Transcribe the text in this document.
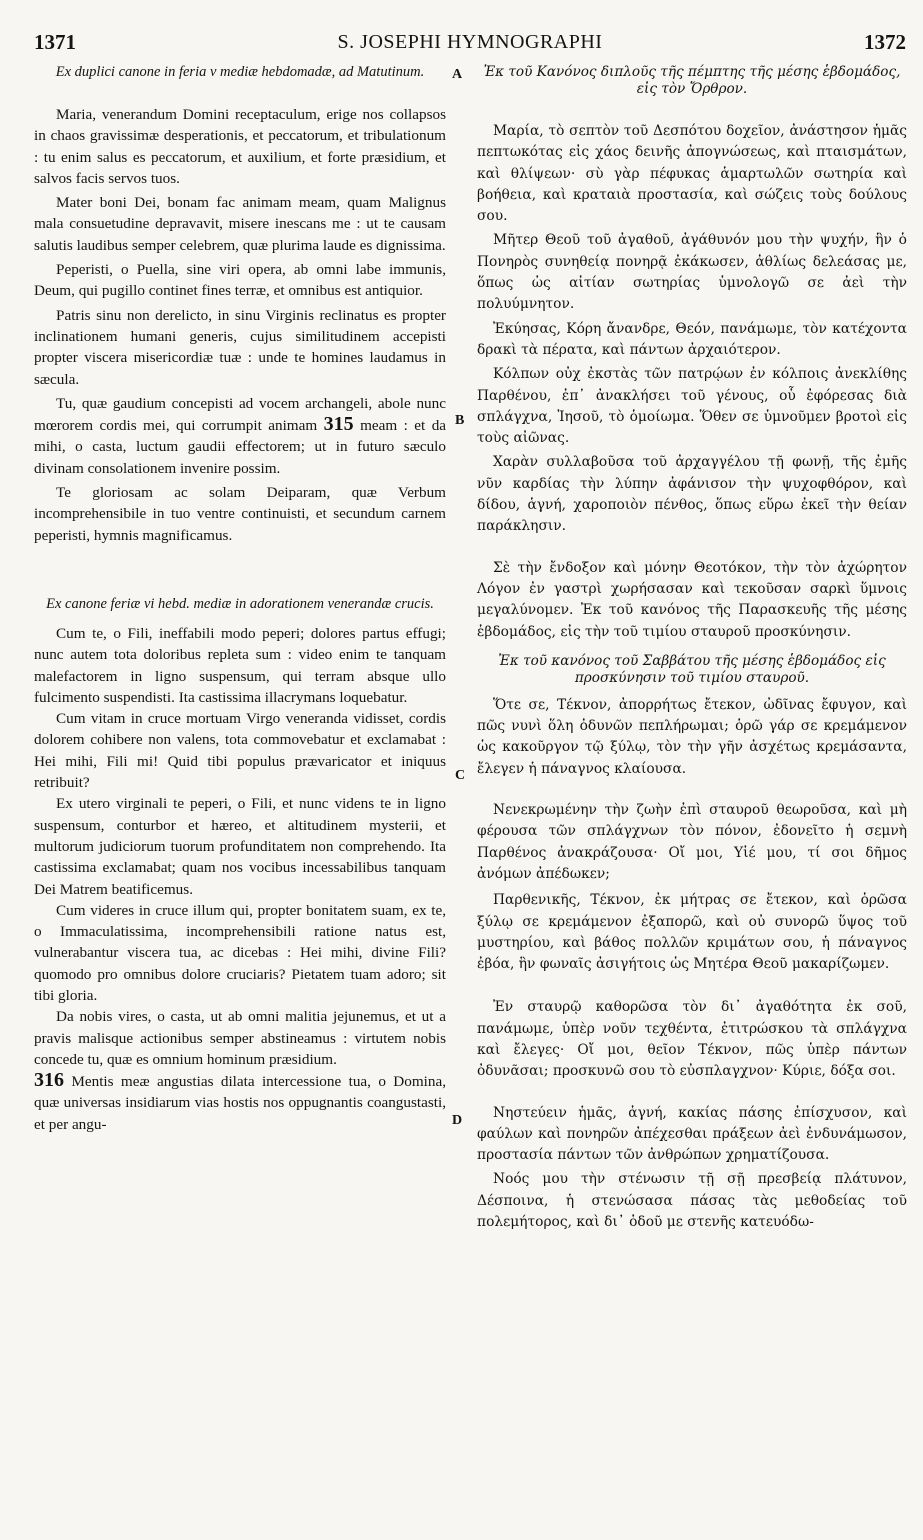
1371	S. JOSEPHI HYMNOGRAPHI	1372

Ex duplici canone in feria v mediæ hebdomadæ, ad Matutinum.

Maria, venerandum Domini receptaculum, erige nos collapsos in chaos gravissimæ desperationis, et peccatorum, et tribulationum : tu enim salus es peccatorum, et auxilium, et forte præsidium, et salvos facis servos tuos.

Mater boni Dei, bonam fac animam meam, quam Malignus mala consuetudine depravavit, misere inescans me : ut te causam salutis laudibus semper celebrem, quæ plurima laude es dignissima.

Peperisti, o Puella, sine viri opera, ab omni labe immunis, Deum, qui pugillo continet fines terræ, et omnibus est antiquior.

Patris sinu non derelicto, in sinu Virginis reclinatus es propter inclinationem humani generis, cujus similitudinem accepisti propter viscera misericordiæ tuæ : unde te homines laudamus in sæcula.

Tu, quæ gaudium concepisti ad vocem archangeli, abole nunc mœrorem cordis mei, qui corrumpit animam 315 meam : et da mihi, o casta, luctum gaudii effectorem; ut in futuro sæculo divinam consolationem invenire possim.

Te gloriosam ac solam Deiparam, quæ Verbum incomprehensibile in tuo ventre continuisti, et secundum carnem peperisti, hymnis magnificamus.

Ex canone feriæ vi hebd. mediæ in adorationem venerandæ crucis.

Cum te, o Fili, ineffabili modo peperi; dolores partus effugi; nunc autem tota doloribus repleta sum : video enim te tanquam malefactorem in ligno suspensum, qui terram absque ullo fulcimento suspendisti. Ita castissima illacrymans loquebatur.

Cum vitam in cruce mortuam Virgo veneranda vidisset, cordis dolorem cohibere non valens, tota commovebatur et exclamabat : Hei mihi, Fili mi! Quid tibi populus prævaricator et iniquus retribuit?

Ex utero virginali te peperi, o Fili, et nunc videns te in ligno suspensum, conturbor et hæreo, et altitudinem mysterii, et multorum judiciorum tuorum profunditatem non comprehendo. Ita castissima exclamabat; quam nos vocibus incessabilibus tanquam Dei Matrem beatificemus.

Cum videres in cruce illum qui, propter bonitatem suam, ex te, o Immaculatissima, incomprehensibili ratione natus est, vulnerabantur viscera tua, ac dicebas : Hei mihi, divine Fili? quomodo pro omnibus dolore cruciaris? Pietatem tuam adoro; sit tibi gloria.

Da nobis vires, o casta, ut ab omni malitia jejunemus, et ut a pravis malisque actionibus semper abstineamus : virtutem nobis concede tu, quæ es omnium hominum præsidium.

316 Mentis meæ angustias dilata intercessione tua, o Domina, quæ universas insidiarum vias hostis nos oppugnantis coangustasti, et per angu-

A
B
C
D

Ἐκ τοῦ Κανόνος διπλοῦς τῆς πέμπτης τῆς μέσης ἑβδομάδος, εἰς τὸν Ὄρθρον.

Μαρία, τὸ σεπτὸν τοῦ Δεσπότου δοχεῖον, ἀνάστησον ἡμᾶς πεπτωκότας εἰς χάος δεινῆς ἀπογνώσεως, καὶ πταισμάτων, καὶ θλίψεων· σὺ γὰρ πέφυκας ἁμαρτωλῶν σωτηρία καὶ βοήθεια, καὶ κραταιὰ προστασία, καὶ σώζεις τοὺς δούλους σου.

Μῆτερ Θεοῦ τοῦ ἀγαθοῦ, ἀγάθυνόν μου τὴν ψυχήν, ἣν ὁ Πονηρὸς συνηθείᾳ πονηρᾷ ἐκάκωσεν, ἀθλίως δελεάσας με, ὅπως ὡς αἰτίαν σωτηρίας ὑμνολογῶ σε ἀεὶ τὴν πολυύμνητον.

Ἐκύησας, Κόρη ἄνανδρε, Θεόν, πανάμωμε, τὸν κατέχοντα δρακὶ τὰ πέρατα, καὶ πάντων ἀρχαιότερον.

Κόλπων οὐχ ἐκστὰς τῶν πατρῴων ἐν κόλποις ἀνεκλίθης Παρθένου, ἐπ᾽ ἀνακλήσει τοῦ γένους, οὗ ἐφόρεσας διὰ σπλάγχνα, Ἰησοῦ, τὸ ὁμοίωμα. Ὅθεν σε ὑμνοῦμεν βροτοὶ εἰς τοὺς αἰῶνας.

Χαρὰν συλλαβοῦσα τοῦ ἀρχαγγέλου τῇ φωνῇ, τῆς ἐμῆς νῦν καρδίας τὴν λύπην ἀφάνισον τὴν ψυχοφθόρον, καὶ δίδου, ἁγνή, χαροποιὸν πένθος, ὅπως εὕρω ἐκεῖ τὴν θείαν παράκλησιν.

Σὲ τὴν ἔνδοξον καὶ μόνην Θεοτόκον, τὴν τὸν ἀχώρητον Λόγον ἐν γαστρὶ χωρήσασαν καὶ τεκοῦσαν σαρκὶ ὕμνοις μεγαλύνομεν. Ἐκ τοῦ κανόνος τῆς Παρασκευῆς τῆς μέσης ἑβδομάδος, εἰς τὴν τοῦ τιμίου σταυροῦ προσκύνησιν.

Ἐκ τοῦ κανόνος τοῦ Σαββάτου τῆς μέσης ἑβδομάδος εἰς προσκύνησιν τοῦ τιμίου σταυροῦ.

Ὅτε σε, Τέκνον, ἀπορρήτως ἔτεκον, ὠδῖνας ἔφυγον, καὶ πῶς νυνὶ ὅλη ὀδυνῶν πεπλήρωμαι; ὁρῶ γάρ σε κρεμάμενον ὡς κακοῦργον τῷ ξύλῳ, τὸν τὴν γῆν ἀσχέτως κρεμάσαντα, ἔλεγεν ἡ πάναγνος κλαίουσα.

Νενεκρωμένην τὴν ζωὴν ἐπὶ σταυροῦ θεωροῦσα, καὶ μὴ φέρουσα τῶν σπλάγχνων τὸν πόνον, ἐδονεῖτο ἡ σεμνὴ Παρθένος ἀνακράζουσα· Οἴ μοι, Υἱέ μου, τί σοι δῆμος ἀνόμων ἀπέδωκεν;

Παρθενικῆς, Τέκνον, ἐκ μήτρας σε ἔτεκον, καὶ ὁρῶσα ξύλῳ σε κρεμάμενον ἐξαπορῶ, καὶ οὐ συνορῶ ὕψος τοῦ μυστηρίου, καὶ βάθος πολλῶν κριμάτων σου, ἡ πάναγνος ἐβόα, ἣν φωναῖς ἀσιγήτοις ὡς Μητέρα Θεοῦ μακαρίζωμεν.

Ἐν σταυρῷ καθορῶσα τὸν δι᾽ ἀγαθότητα ἐκ σοῦ, πανάμωμε, ὑπὲρ νοῦν τεχθέντα, ἐτιτρώσκου τὰ σπλάγχνα καὶ ἔλεγες· Οἴ μοι, θεῖον Τέκνον, πῶς ὑπὲρ πάντων ὀδυνᾶσαι; προσκυνῶ σου τὸ εὐσπλαγχνον· Κύριε, δόξα σοι.

Νηστεύειν ἡμᾶς, ἁγνή, κακίας πάσης ἐπίσχυσον, καὶ φαύλων καὶ πονηρῶν ἀπέχεσθαι πράξεων ἀεὶ ἐνδυνάμωσον, προστασία πάντων τῶν ἀνθρώπων χρηματίζουσα.

Νοός μου τὴν στένωσιν τῇ σῇ πρεσβείᾳ πλάτυνον, Δέσποινα, ἡ στενώσασα πάσας τὰς μεθοδείας τοῦ πολεμήτορος, καὶ δι᾽ ὁδοῦ με στενῆς κατευόδω-
